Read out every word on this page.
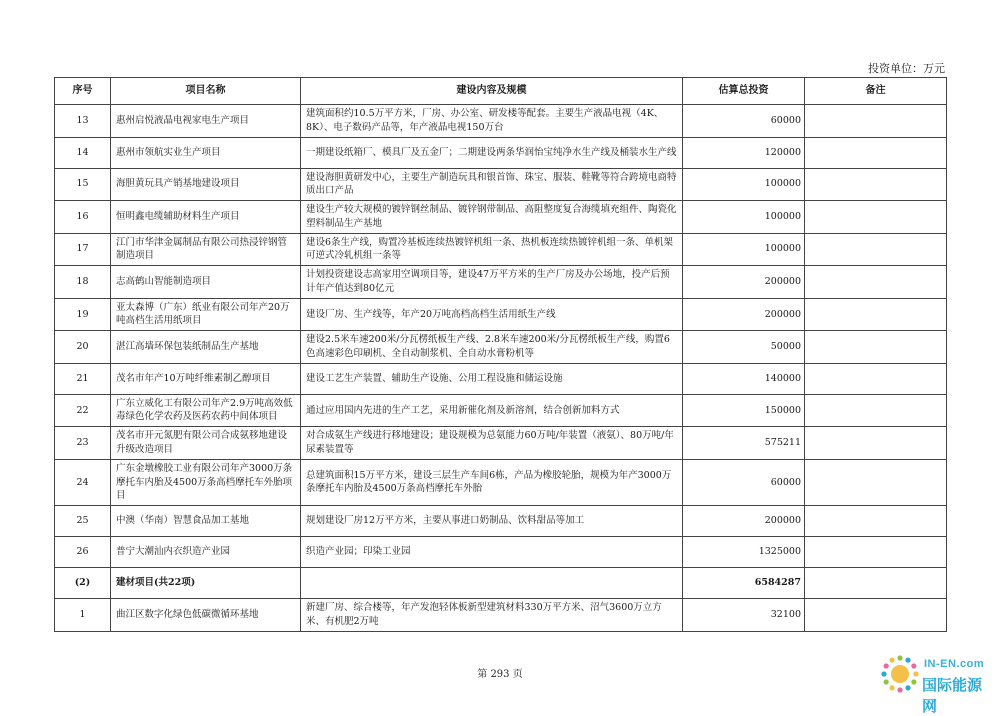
投资单位：万元
序号	项目名称	建设内容及规模	估算总投资	备注
13	惠州启悦液晶电视家电生产项目	建筑面积约10.5万平方米，厂房、办公室、研发楼等配套。主要生产液晶电视（4K、8K）、电子数码产品等，年产液晶电视150万台	60000	
14	惠州市领航实业生产项目	一期建设纸箱厂、模具厂及五金厂；二期建设两条华润怡宝纯净水生产线及桶装水生产线	120000	
15	海胆黄玩具产销基地建设项目	建设海胆黄研发中心，主要生产制造玩具和银首饰、珠宝、服装、鞋靴等符合跨境电商特质出口产品	100000	
16	恒明鑫电缆辅助材料生产项目	建设生产较大规模的镀锌钢丝制品、镀锌钢带制品、高阻整度复合海缆填充组件、陶瓷化塑料制品生产基地	100000	
17	江门市华津金属制品有限公司热浸锌钢管制造项目	建设6条生产线，购置冷基板连续热镀锌机组一条、热机板连续热镀锌机组一条、单机架可逆式冷轧机组一条等	100000	
18	志高鹤山智能制造项目	计划投资建设志高家用空调项目等，建设47万平方米的生产厂房及办公场地，投产后预计年产值达到80亿元	200000	
19	亚太森博（广东）纸业有限公司年产20万吨高档生活用纸项目	建设厂房、生产线等，年产20万吨高档高档生活用纸生产线	200000	
20	湛江高墙环保包装纸制品生产基地	建设2.5米车速200米/分瓦楞纸板生产线、2.8米车速200米/分瓦楞纸板生产线，购置6色高速彩色印刷机、全自动制浆机、全自动水膏粉机等	50000	
21	茂名市年产10万吨纤维素制乙醇项目	建设工艺生产装置、辅助生产设施、公用工程设施和储运设施	140000	
22	广东立威化工有限公司年产2.9万吨高效低毒绿色化学农药及医药农药中间体项目	通过应用国内先进的生产工艺，采用新催化剂及新溶剂，结合创新加料方式	150000	
23	茂名市开元氮肥有限公司合成氨移地建设升级改造项目	对合成氨生产线进行移地建设；建设规模为总氨能力60万吨/年装置（液氨）、80万吨/年尿素装置等	575211	
24	广东金墩橡胶工业有限公司年产3000万条摩托车内胎及4500万条高档摩托车外胎项目	总建筑面积15万平方米，建设三层生产车间6栋，产品为橡胶轮胎，规模为年产3000万条摩托车内胎及4500万条高档摩托车外胎	60000	
25	中澳（华南）智慧食品加工基地	规划建设厂房12万平方米，主要从事进口奶制品、饮料甜品等加工	200000	
26	普宁大潮汕内衣织造产业园	织造产业园；印染工业园	1325000	
(2)	建材项目(共22项)		6584287	
1	曲江区数字化绿色低碳微循环基地	新建厂房、综合楼等，年产发泡轻体板新型建筑材料330万平方米、沼气3600万立方米、有机肥2万吨	32100	
第 293 页
IN-EN.com
国际能源网
